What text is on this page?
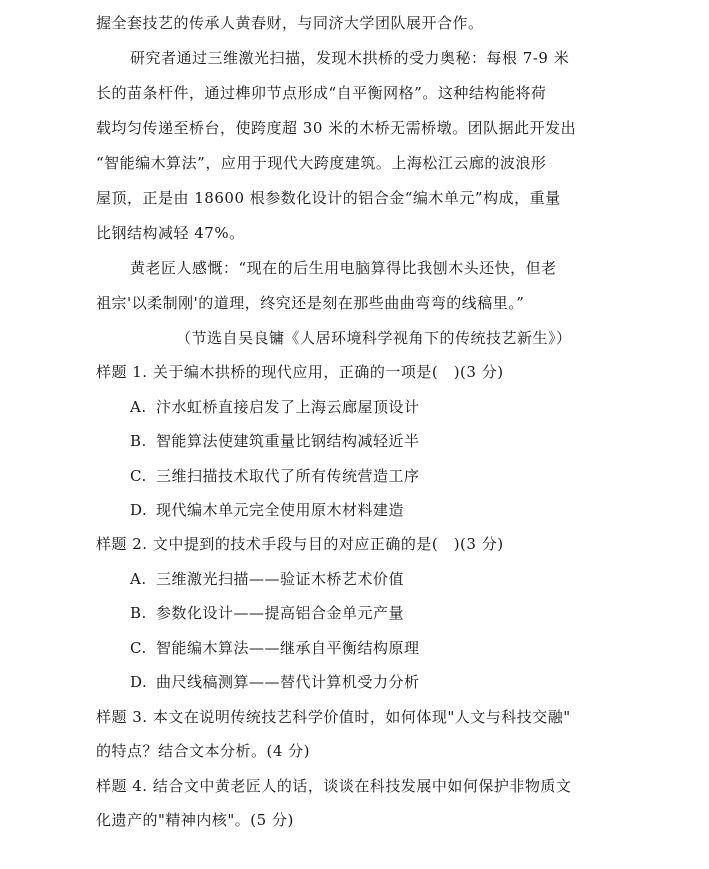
握全套技艺的传承人黄春财，与同济大学团队展开合作。
研究者通过三维激光扫描，发现木拱桥的受力奥秘：每根 7-9 米
长的苗条杆件，通过榫卯节点形成“自平衡网格”。这种结构能将荷
载均匀传递至桥台，使跨度超 30 米的木桥无需桥墩。团队据此开发出
“智能编木算法”，应用于现代大跨度建筑。上海松江云廊的波浪形
屋顶，正是由 18600 根参数化设计的铝合金“编木单元”构成，重量
比钢结构减轻 47%。
黄老匠人感慨：“现在的后生用电脑算得比我刨木头还快，但老
祖宗'以柔制刚'的道理，终究还是刻在那些曲曲弯弯的线稿里。”
（节选自吴良镛《人居环境科学视角下的传统技艺新生》）
样题 1. 关于编木拱桥的现代应用，正确的一项是(　)(3 分)
A. 汴水虹桥直接启发了上海云廊屋顶设计
B. 智能算法使建筑重量比钢结构减轻近半
C. 三维扫描技术取代了所有传统营造工序
D. 现代编木单元完全使用原木材料建造
样题 2. 文中提到的技术手段与目的对应正确的是(　)(3 分)
A. 三维激光扫描——验证木桥艺术价值
B. 参数化设计——提高铝合金单元产量
C. 智能编木算法——继承自平衡结构原理
D. 曲尺线稿测算——替代计算机受力分析
样题 3. 本文在说明传统技艺科学价值时，如何体现"人文与科技交融"
的特点？结合文本分析。(4 分)
样题 4. 结合文中黄老匠人的话，谈谈在科技发展中如何保护非物质文
化遗产的"精神内核"。(5 分)
